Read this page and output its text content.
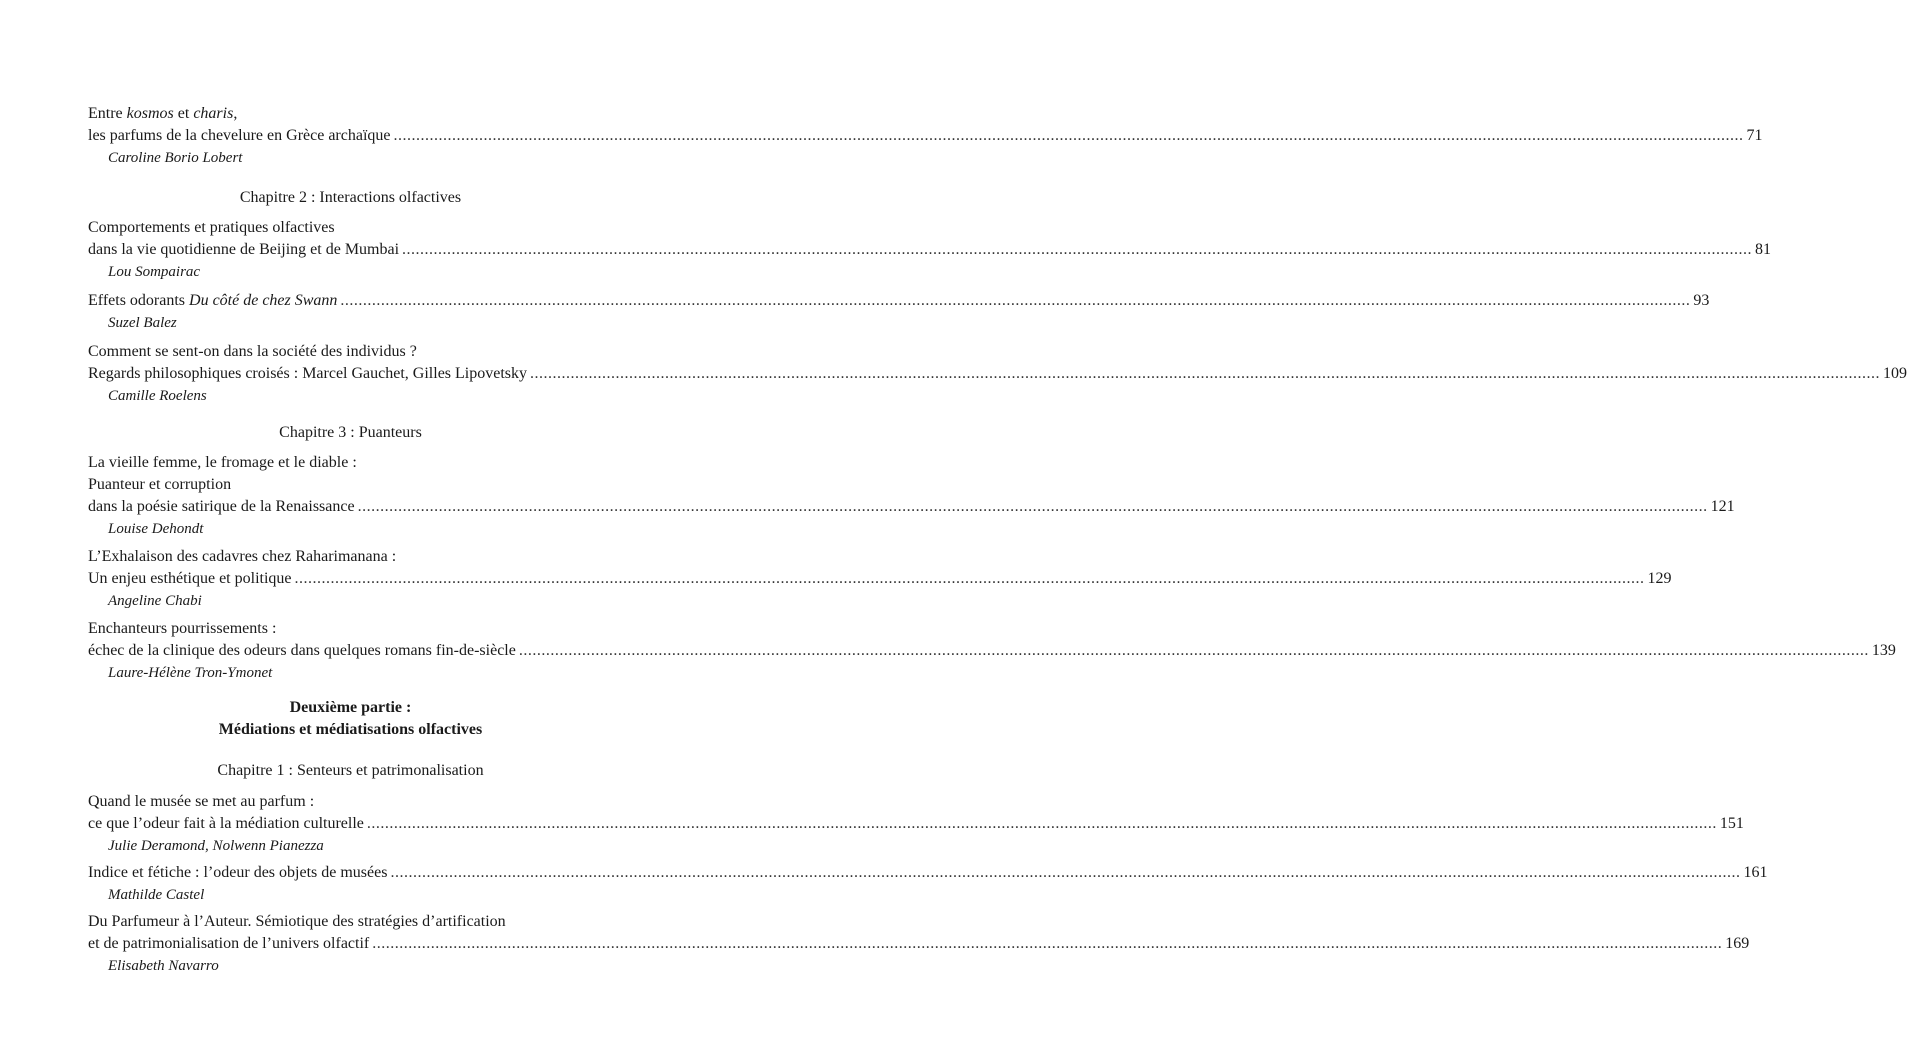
Entre kosmos et charis,
les parfums de la chevelure en Grèce archaïque ............................................................................................................................................................................................................................................................................................................ 71
Caroline Borio Lobert
Chapitre 2 : Interactions olfactives
Comportements et pratiques olfactives
dans la vie quotidienne de Beijing et de Mumbai ............................................................................................................................................................................................................................................................................................................ 81
Lou Sompairac
Effets odorants Du côté de chez Swann ............................................................................................................................................................................................................................................................................................................ 93
Suzel Balez
Comment se sent-on dans la société des individus ?
Regards philosophiques croisés : Marcel Gauchet, Gilles Lipovetsky ............................................................................................................................................................................................................................................................................................................ 109
Camille Roelens
Chapitre 3 : Puanteurs
La vieille femme, le fromage et le diable :
Puanteur et corruption
dans la poésie satirique de la Renaissance ............................................................................................................................................................................................................................................................................................................ 121
Louise Dehondt
L’Exhalaison des cadavres chez Raharimanana :
Un enjeu esthétique et politique ............................................................................................................................................................................................................................................................................................................ 129
Angeline Chabi
Enchanteurs pourrissements :
échec de la clinique des odeurs dans quelques romans fin-de-siècle ............................................................................................................................................................................................................................................................................................................ 139
Laure-Hélène Tron-Ymonet
Deuxième partie :
Médiations et médiatisations olfactives
Chapitre 1 : Senteurs et patrimonalisation
Quand le musée se met au parfum :
ce que l’odeur fait à la médiation culturelle ............................................................................................................................................................................................................................................................................................................ 151
Julie Deramond, Nolwenn Pianezza
Indice et fétiche : l’odeur des objets de musées ............................................................................................................................................................................................................................................................................................................ 161
Mathilde Castel
Du Parfumeur à l’Auteur. Sémiotique des stratégies d’artification
et de patrimonialisation de l’univers olfactif ............................................................................................................................................................................................................................................................................................................ 169
Elisabeth Navarro
